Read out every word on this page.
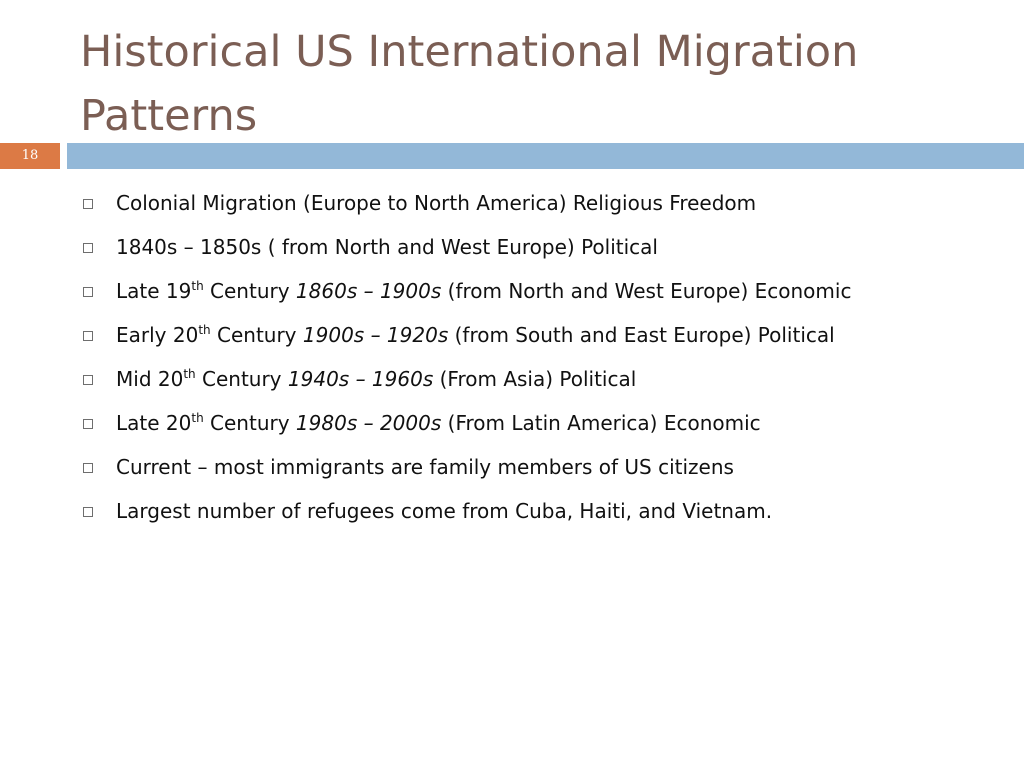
Historical US International Migration Patterns
18
Colonial Migration (Europe to North America) Religious Freedom
1840s – 1850s ( from North and West Europe) Political
Late 19th Century 1860s – 1900s (from North and West Europe) Economic
Early 20th Century 1900s – 1920s (from South and East Europe) Political
Mid 20th Century 1940s – 1960s (From Asia) Political
Late 20th Century 1980s – 2000s (From Latin America) Economic
Current – most immigrants are family members of US citizens
Largest number of refugees come from Cuba, Haiti, and Vietnam.
